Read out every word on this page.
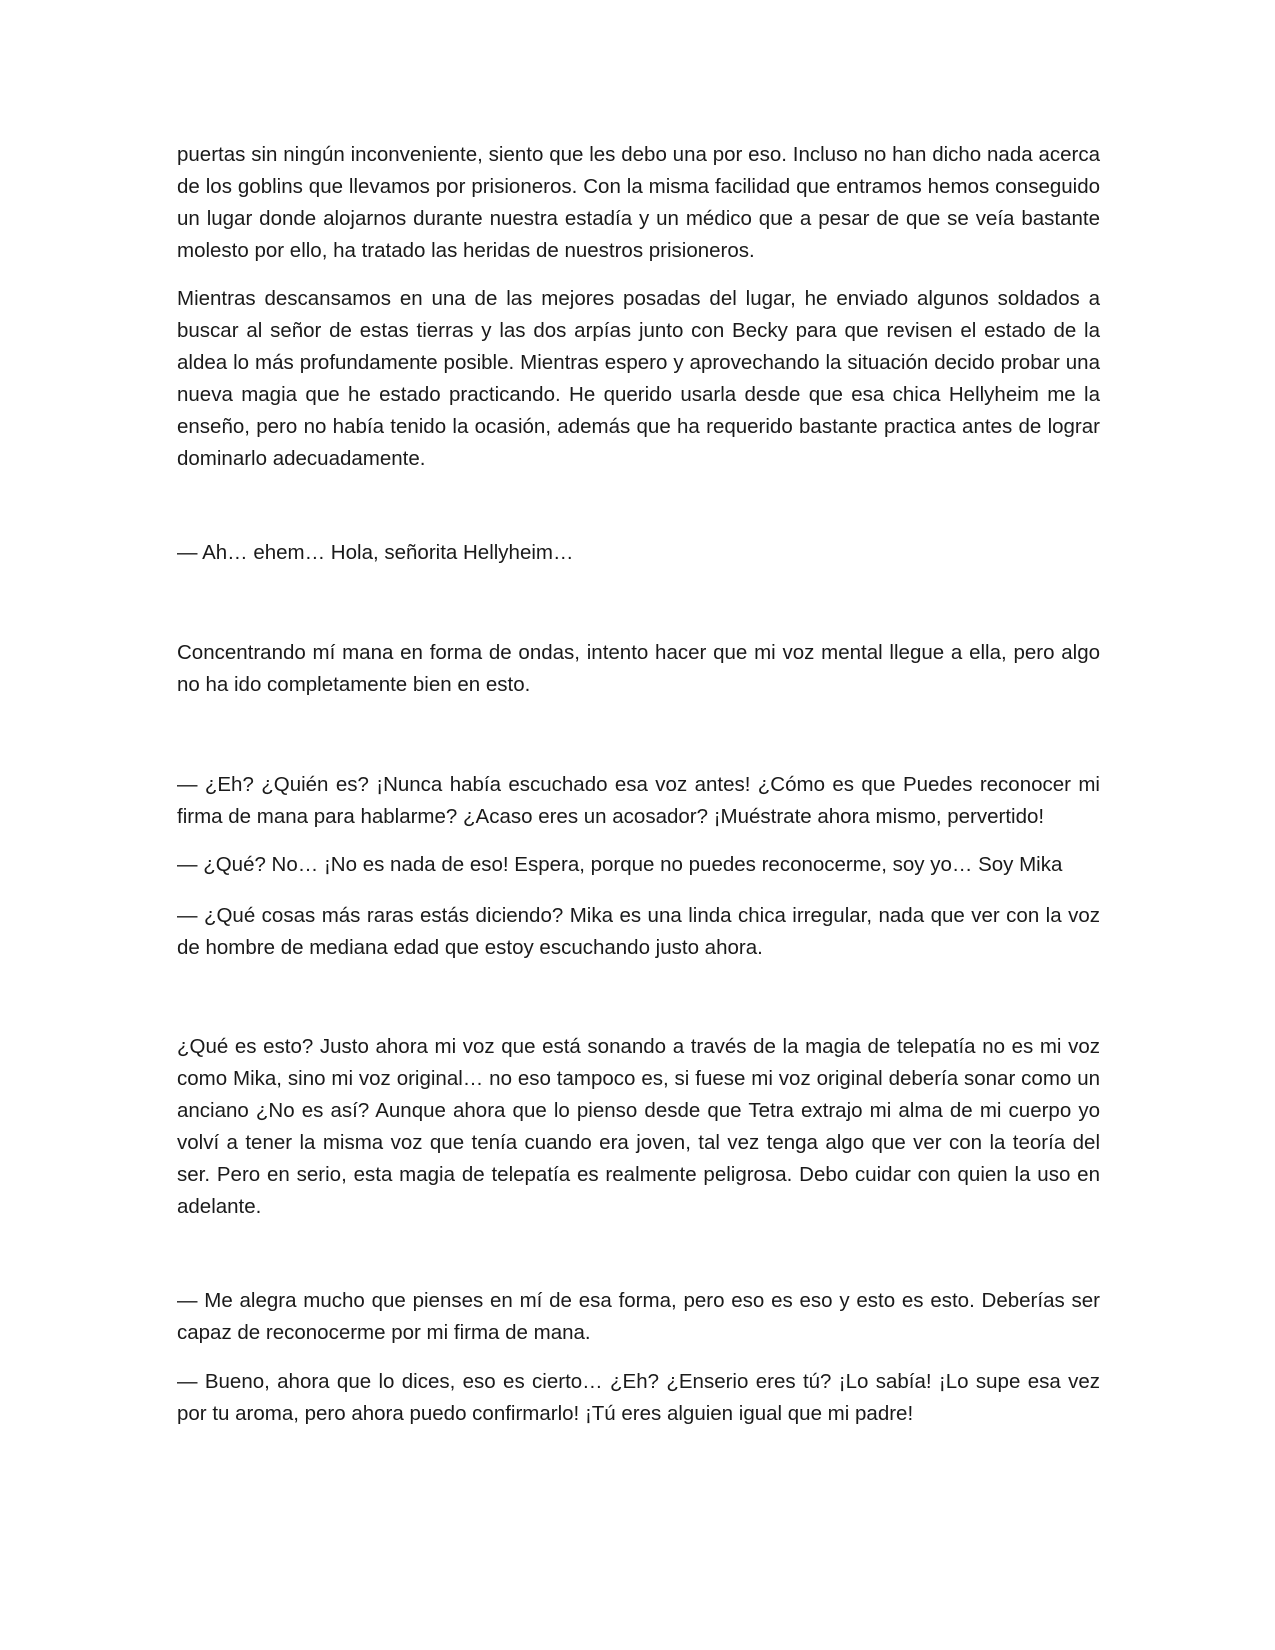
puertas sin ningún inconveniente, siento que les debo una por eso. Incluso no han dicho nada acerca de los goblins que llevamos por prisioneros. Con la misma facilidad que entramos hemos conseguido un lugar donde alojarnos durante nuestra estadía y un médico que a pesar de que se veía bastante molesto por ello, ha tratado las heridas de nuestros prisioneros.

Mientras descansamos en una de las mejores posadas del lugar, he enviado algunos soldados a buscar al señor de estas tierras y las dos arpías junto con Becky para que revisen el estado de la aldea lo más profundamente posible. Mientras espero y aprovechando la situación decido probar una nueva magia que he estado practicando. He querido usarla desde que esa chica Hellyheim me la enseño, pero no había tenido la ocasión, además que ha requerido bastante practica antes de lograr dominarlo adecuadamente.

— Ah… ehem… Hola, señorita Hellyheim…

Concentrando mí mana en forma de ondas, intento hacer que mi voz mental llegue a ella, pero algo no ha ido completamente bien en esto.

— ¿Eh? ¿Quién es? ¡Nunca había escuchado esa voz antes! ¿Cómo es que Puedes reconocer mi firma de mana para hablarme? ¿Acaso eres un acosador? ¡Muéstrate ahora mismo, pervertido!

— ¿Qué? No… ¡No es nada de eso! Espera, porque no puedes reconocerme, soy yo… Soy Mika

— ¿Qué cosas más raras estás diciendo? Mika es una linda chica irregular, nada que ver con la voz de hombre de mediana edad que estoy escuchando justo ahora.

¿Qué es esto? Justo ahora mi voz que está sonando a través de la magia de telepatía no es mi voz como Mika, sino mi voz original… no eso tampoco es, si fuese mi voz original debería sonar como un anciano ¿No es así? Aunque ahora que lo pienso desde que Tetra extrajo mi alma de mi cuerpo yo volví a tener la misma voz que tenía cuando era joven, tal vez tenga algo que ver con la teoría del ser. Pero en serio, esta magia de telepatía es realmente peligrosa. Debo cuidar con quien la uso en adelante.

— Me alegra mucho que pienses en mí de esa forma, pero eso es eso y esto es esto. Deberías ser capaz de reconocerme por mi firma de mana.

— Bueno, ahora que lo dices, eso es cierto… ¿Eh? ¿Enserio eres tú? ¡Lo sabía! ¡Lo supe esa vez por tu aroma, pero ahora puedo confirmarlo! ¡Tú eres alguien igual que mi padre!
